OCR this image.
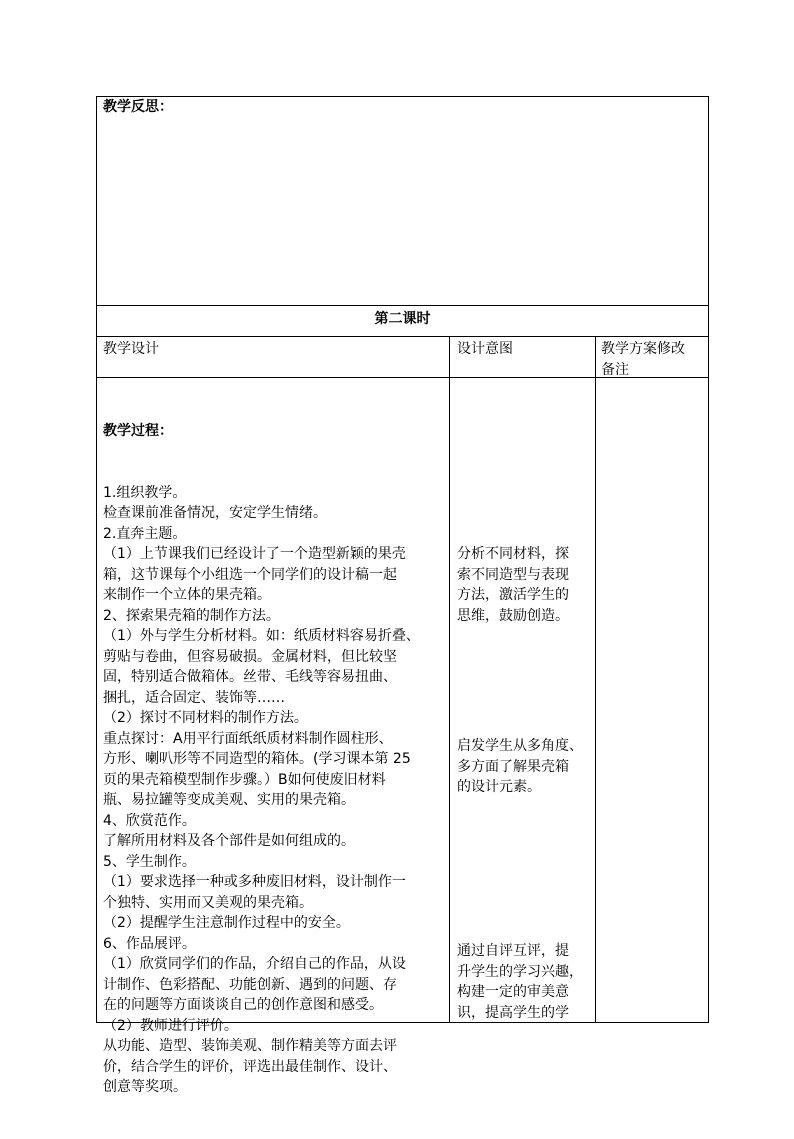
教学反思：
第二课时
教学设计	设计意图	教学方案修改
备注

教学过程：

1.组织教学。
检查课前准备情况，安定学生情绪。
2.直奔主题。
（1）上节课我们已经设计了一个造型新颖的果壳
箱，这节课每个小组选一个同学们的设计稿一起
来制作一个立体的果壳箱。
2、探索果壳箱的制作方法。
（1）外与学生分析材料。如：纸质材料容易折叠、
剪贴与卷曲，但容易破损。金属材料，但比较坚
固，特别适合做箱体。丝带、毛线等容易扭曲、
捆扎，适合固定、装饰等……
（2）探讨不同材料的制作方法。
重点探讨：A用平行面纸纸质材料制作圆柱形、
方形、喇叭形等不同造型的箱体。(学习课本第 25
页的果壳箱模型制作步骤。）B如何使废旧材料
瓶、易拉罐等变成美观、实用的果壳箱。
4、欣赏范作。
了解所用材料及各个部件是如何组成的。
5、学生制作。
（1）要求选择一种或多种废旧材料，设计制作一
个独特、实用而又美观的果壳箱。
（2）提醒学生注意制作过程中的安全。
6、作品展评。
（1）欣赏同学们的作品，介绍自己的作品，从设
计制作、色彩搭配、功能创新、遇到的问题、存
在的问题等方面谈谈自己的创作意图和感受。
（2）教师进行评价。
从功能、造型、装饰美观、制作精美等方面去评
价，结合学生的评价，评选出最佳制作、设计、
创意等奖项。

分析不同材料，探
索不同造型与表现
方法，激活学生的
思维，鼓励创造。
启发学生从多角度、
多方面了解果壳箱
的设计元素。
通过自评互评，提
升学生的学习兴趣，
构建一定的审美意
识，提高学生的学
